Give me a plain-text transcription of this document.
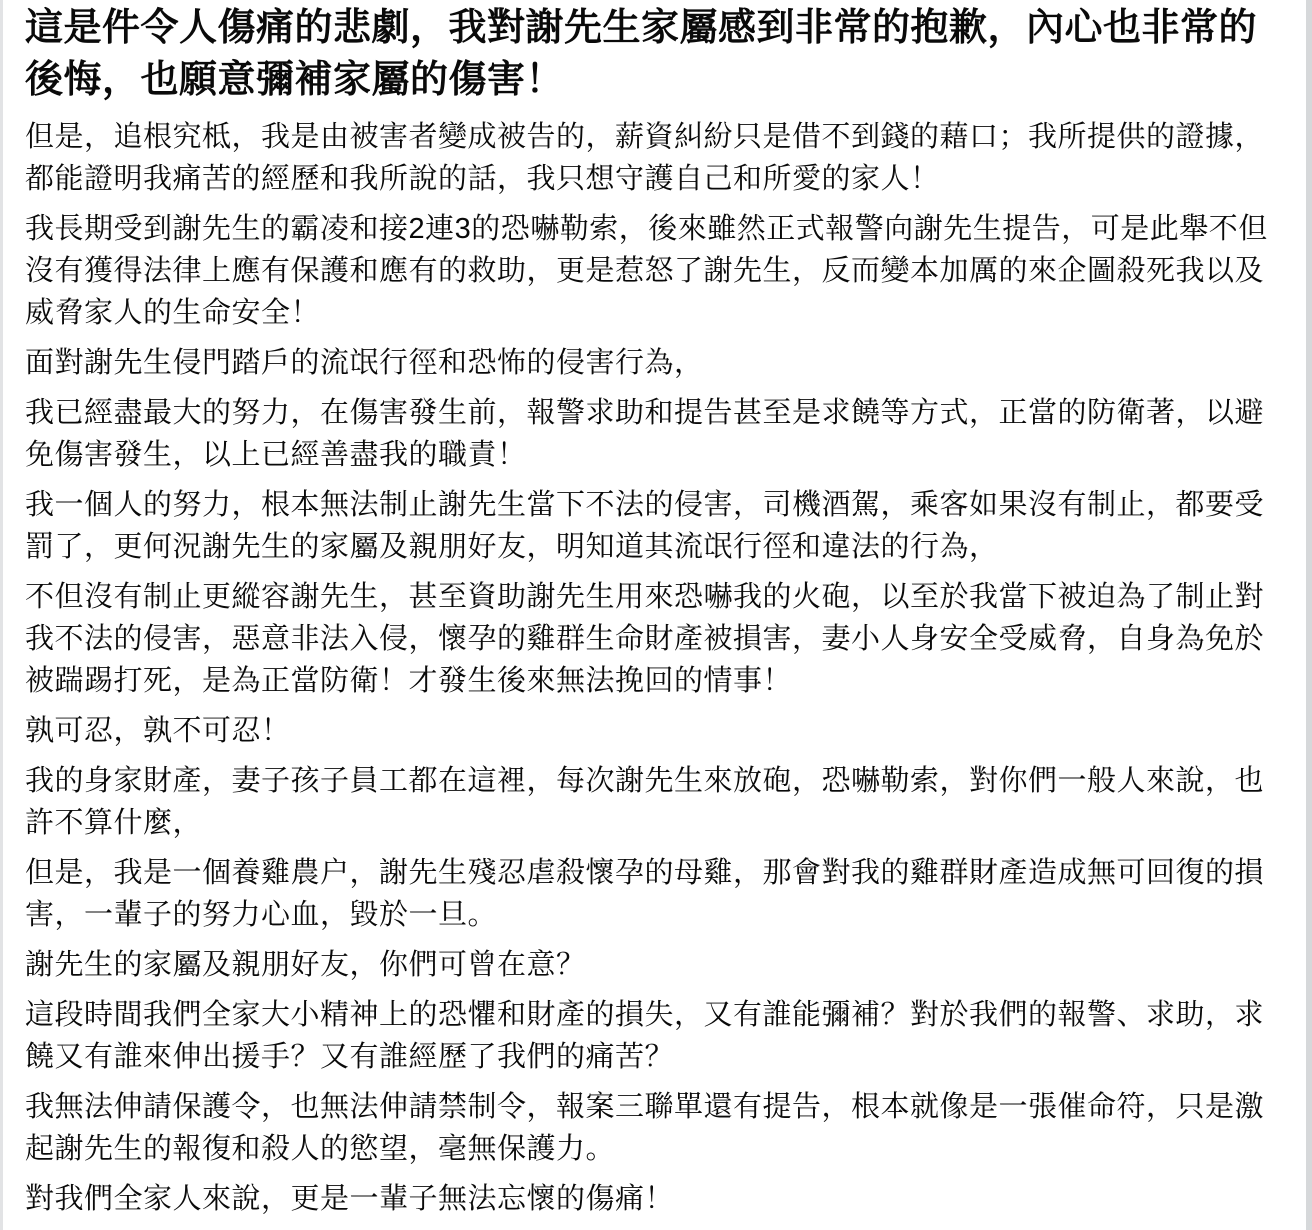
這是件令人傷痛的悲劇，我對謝先生家屬感到非常的抱歉，內心也非常的後悔，也願意彌補家屬的傷害！

但是，追根究柢，我是由被害者變成被告的，薪資糾紛只是借不到錢的藉口；我所提供的證據，都能證明我痛苦的經歷和我所說的話，我只想守護自己和所愛的家人！

我長期受到謝先生的霸凌和接2連3的恐嚇勒索，後來雖然正式報警向謝先生提告，可是此舉不但沒有獲得法律上應有保護和應有的救助，更是惹怒了謝先生，反而變本加厲的來企圖殺死我以及威脅家人的生命安全！

面對謝先生侵門踏戶的流氓行徑和恐怖的侵害行為，

我已經盡最大的努力，在傷害發生前，報警求助和提告甚至是求饒等方式，正當的防衛著，以避免傷害發生，以上已經善盡我的職責！

我一個人的努力，根本無法制止謝先生當下不法的侵害，司機酒駕，乘客如果沒有制止，都要受罰了，更何況謝先生的家屬及親朋好友，明知道其流氓行徑和違法的行為，

不但沒有制止更縱容謝先生，甚至資助謝先生用來恐嚇我的火砲，以至於我當下被迫為了制止對我不法的侵害，惡意非法入侵，懷孕的雞群生命財產被損害，妻小人身安全受威脅，自身為免於被踹踢打死，是為正當防衛！才發生後來無法挽回的情事！

孰可忍，孰不可忍！

我的身家財產，妻子孩子員工都在這裡，每次謝先生來放砲，恐嚇勒索，對你們一般人來說，也許不算什麼，

但是，我是一個養雞農户，謝先生殘忍虐殺懷孕的母雞，那會對我的雞群財產造成無可回復的損害，一輩子的努力心血，毀於一旦。

謝先生的家屬及親朋好友，你們可曾在意？

這段時間我們全家大小精神上的恐懼和財產的損失，又有誰能彌補？對於我們的報警、求助，求饒又有誰來伸出援手？又有誰經歷了我們的痛苦？

我無法伸請保護令，也無法伸請禁制令，報案三聯單還有提告，根本就像是一張催命符，只是激起謝先生的報復和殺人的慾望，毫無保護力。

對我們全家人來說，更是一輩子無法忘懷的傷痛！
